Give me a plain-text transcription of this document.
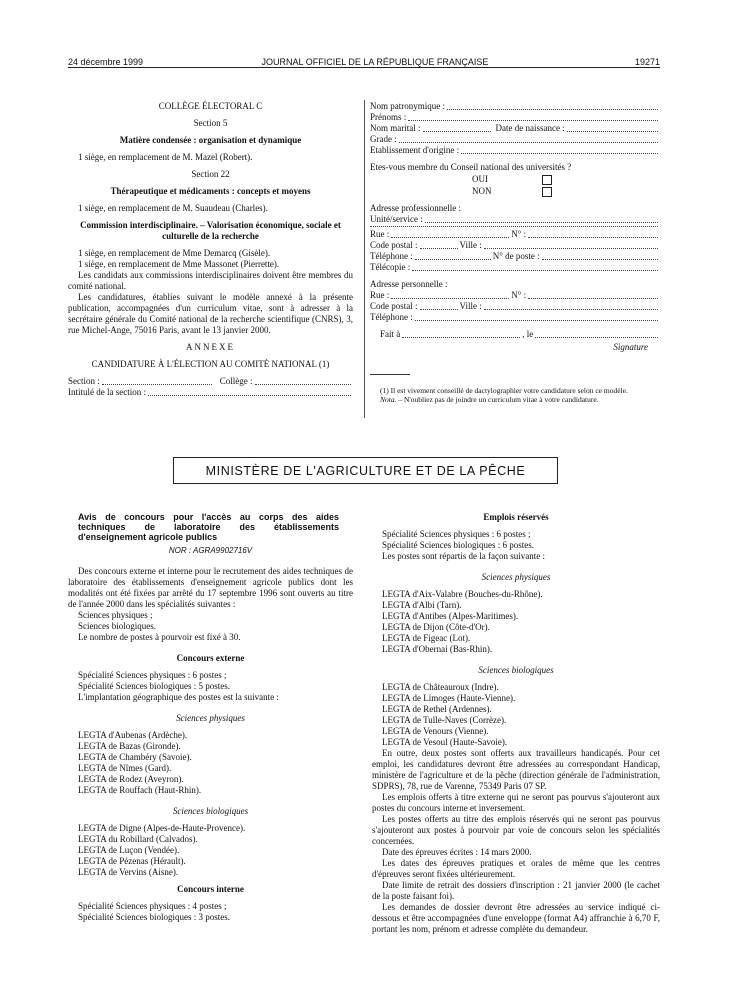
24 décembre 1999	JOURNAL OFFICIEL DE LA RÉPUBLIQUE FRANÇAISE	19271

COLLÈGE ÉLECTORAL C

Section 5

Matière condensée : organisation et dynamique

1 siège, en remplacement de M. Mazel (Robert).

Section 22

Thérapeutique et médicaments : concepts et moyens

1 siège, en remplacement de M. Suaudeau (Charles).

Commission interdisciplinaire. – Valorisation économique, sociale et culturelle de la recherche

1 siège, en remplacement de Mme Demarcq (Gisèle).

1 siège, en remplacement de Mme Massonet (Pierrette).

Les candidats aux commissions interdisciplinaires doivent être membres du comité national.

Les candidatures, établies suivant le modèle annexé à la présente publication, accompagnées d'un curriculum vitae, sont à adresser à la secrétaire générale du Comité national de la recherche scientifique (CNRS), 3, rue Michel-Ange, 75016 Paris, avant le 13 janvier 2000.

ANNEXE

CANDIDATURE À L'ÉLECTION AU COMITÉ NATIONAL (1)

Section :	Collège :
Intitulé de la section :
Nom patronymique :
Prénoms :
Nom marital :	Date de naissance :
Grade :
Etablissement d'origine :

Etes-vous membre du Conseil national des universités ?

OUI
NON

Adresse professionnelle :

Unité/service :
Rue :	N° :
Code postal :	Ville :
Téléphone :	N° de poste :
Télécopie :

Adresse personnelle :

Rue :	N° :
Code postal :	Ville :
Téléphone :
Fait à	, le

Signature

(1) Il est vivement conseillé de dactylographier votre candidature selon ce modèle.

Nota. – N'oubliez pas de joindre un curriculum vitae à votre candidature.

MINISTÈRE DE L'AGRICULTURE ET DE LA PÊCHE

Avis de concours pour l'accès au corps des aides techniques de laboratoire des établissements d'enseignement agricole publics

NOR : AGRA9902716V

Des concours externe et interne pour le recrutement des aides techniques de laboratoire des établissements d'enseignement agricole publics dont les modalités ont été fixées par arrêté du 17 septembre 1996 sont ouverts au titre de l'année 2000 dans les spécialités suivantes :

Sciences physiques ;

Sciences biologiques.

Le nombre de postes à pourvoir est fixé à 30.

Concours externe

Spécialité Sciences physiques : 6 postes ;

Spécialité Sciences biologiques : 5 postes.

L'implantation géographique des postes est la suivante :

Sciences physiques

LEGTA d'Aubenas (Ardèche).

LEGTA de Bazas (Gironde).

LEGTA de Chambéry (Savoie).

LEGTA de Nîmes (Gard).

LEGTA de Rodez (Aveyron).

LEGTA de Rouffach (Haut-Rhin).

Sciences biologiques

LEGTA de Digne (Alpes-de-Haute-Provence).

LEGTA du Robillard (Calvados).

LEGTA de Luçon (Vendée).

LEGTA de Pézenas (Hérault).

LEGTA de Vervins (Aisne).

Concours interne

Spécialité Sciences physiques : 4 postes ;

Spécialité Sciences biologiques : 3 postes.

Emplois réservés

Spécialité Sciences physiques : 6 postes ;

Spécialité Sciences biologiques : 6 postes.

Les postes sont répartis de la façon suivante :

Sciences physiques

LEGTA d'Aix-Valabre (Bouches-du-Rhône).

LEGTA d'Albi (Tarn).

LEGTA d'Antibes (Alpes-Maritimes).

LEGTA de Dijon (Côte-d'Or).

LEGTA de Figeac (Lot).

LEGTA d'Obernai (Bas-Rhin).

Sciences biologiques

LEGTA de Châteauroux (Indre).

LEGTA de Limoges (Haute-Vienne).

LEGTA de Rethel (Ardennes).

LEGTA de Tulle-Naves (Corrèze).

LEGTA de Venours (Vienne).

LEGTA de Vesoul (Haute-Savoie).

En outre, deux postes sont offerts aux travailleurs handicapés. Pour cet emploi, les candidatures devront être adressées au correspondant Handicap, ministère de l'agriculture et de la pêche (direction générale de l'administration, SDPRS), 78, rue de Varenne, 75349 Paris 07 SP.

Les emplois offerts à titre externe qui ne seront pas pourvus s'ajouteront aux postes du concours interne et inversement.

Les postes offerts au titre des emplois réservés qui ne seront pas pourvus s'ajouteront aux postes à pourvoir par voie de concours selon les spécialités concernées.

Date des épreuves écrites : 14 mars 2000.

Les dates des épreuves pratiques et orales de même que les centres d'épreuves seront fixées ultérieurement.

Date limite de retrait des dossiers d'inscription : 21 janvier 2000 (le cachet de la poste faisant foi).

Les demandes de dossier devront être adressées au service indiqué ci-dessous et être accompagnées d'une enveloppe (format A4) affranchie à 6,70 F, portant les nom, prénom et adresse complète du demandeur.
